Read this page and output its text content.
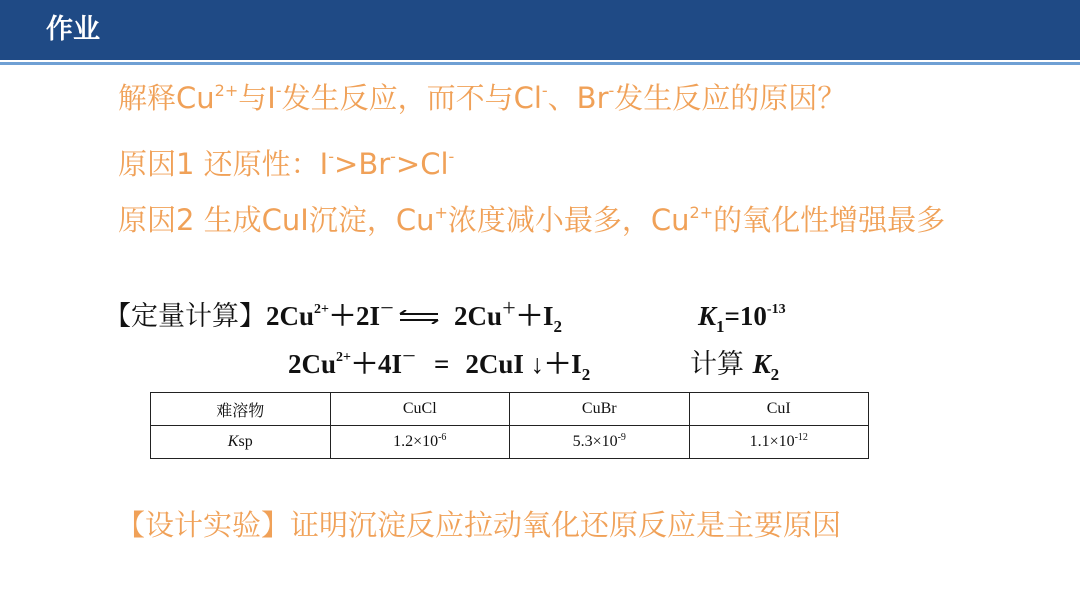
作业
解释$Cu^{2+}$与I-发生反应，而不与Cl-、Br-发生反应的原因？
原因1 还原性：I->Br->Cl-
原因2 生成CuI沉淀，Cu+浓度减小最多，$Cu^{2+}$的氧化性增强最多
【定量计算】$2Cu^{2+}+2I^-$ ⇌ $2Cu^++I_2$	$K_1=10^{-13}$
$2Cu^{2+}+4I^- = 2CuI$ $↓+I_2$	计算 $K_2$
难溶物	CuCl	CuBr	CuI
Ksp	$1.2\times 10^{-6}$	$5.3\times 10^{-9}$	$1.1\times 10^{-12}$
【设计实验】证明沉淀反应拉动氧化还原反应是主要原因
